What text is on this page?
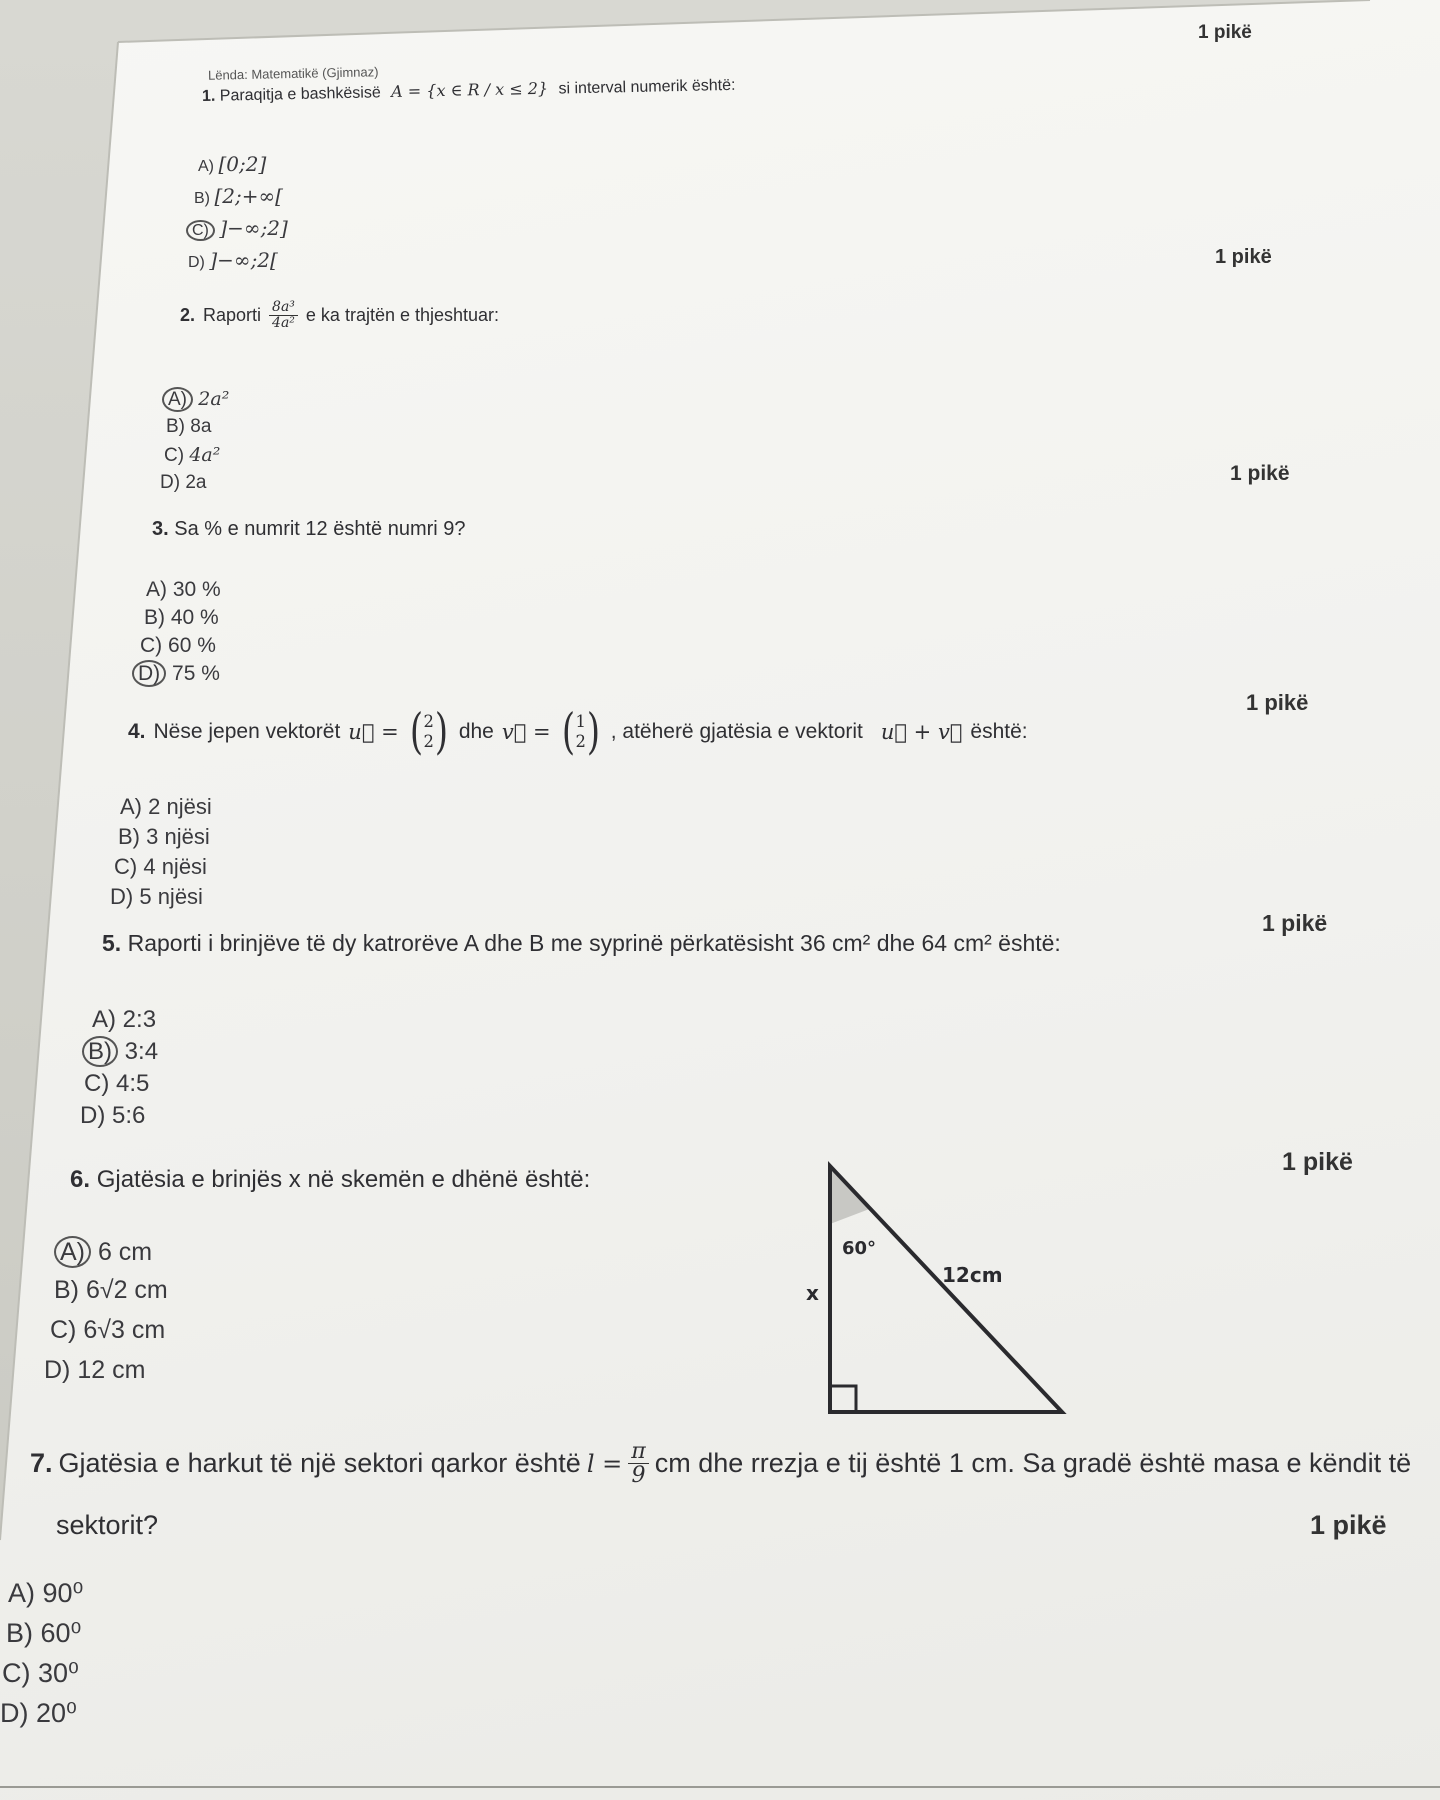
Lënda: Matematikë (Gjimnaz)
1 pikë
1 pikë
1 pikë
1 pikë
1 pikë
1 pikë
1 pikë
1. Paraqitja e bashkësisë A = {x ∈ R / x ≤ 2} si interval numerik është:
A) [0;2]
B) [2;+∞[
C) ]−∞;2]
D) ]−∞;2[
2. Raporti $\frac{\text{8a³}}{\text{4a²}}$ e ka trajtën e thjeshtuar:
A) 2a²
B) 8a
C) 4a²
D) 2a
3. Sa % e numrit 12 është numri 9?
A) 30 %
B) 40 %
C) 60 %
D) 75 %
4. Nëse jepen vektorët u⃗ = ( 2
2 ) dhe v⃗ = ( 1
2 ) , atëherë gjatësia e vektorit u⃗ + v⃗ është:
A) 2 njësi
B) 3 njësi
C) 4 njësi
D) 5 njësi
5. Raporti i brinjëve të dy katrorëve A dhe B me syprinë përkatësisht 36 cm² dhe 64 cm² është:
A) 2:3
B) 3:4
C) 4:5
D) 5:6
6. Gjatësia e brinjës x në skemën e dhënë është:
A) 6 cm
B) 6√2 cm
C) 6√3 cm
D) 12 cm
60°
12cm
x
7. Gjatësia e harkut të një sektori qarkor është $l = \frac{\pi}{9}$ cm dhe rrezja e tij është 1 cm. Sa gradë është masa e këndit të
sektorit?
A) 90⁰
B) 60⁰
C) 30⁰
D) 20⁰
